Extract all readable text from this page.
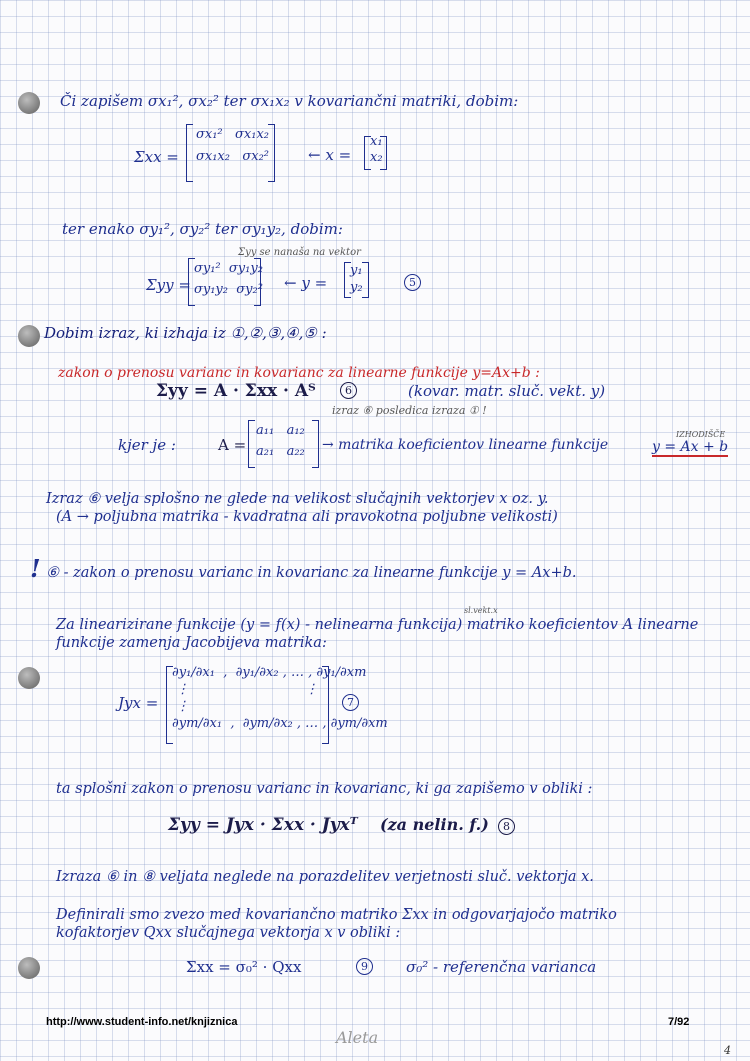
Či zapišem σx₁², σx₂² ter σx₁x₂ v kovariančni matriki, dobim:
Σxx =
σx₁² σx₁x₂
σx₁x₂ σx₂²	← x =
x₁
x₂
ter enako σy₁², σy₂² ter σy₁y₂, dobim:
Σyy se nanaša na vektor
Σyy =
σy₁² σy₁y₂
σy₁y₂ σy₂² ← y =
y₁
y₂	5
Dobim izraz, ki izhaja iz ①,②,③,④,⑤ :
zakon o prenosu varianc in kovarianc za linearne funkcije y=Ax+b :
Σyy = A · Σxx · Aᵀ	6	(kovar. matr. sluč. vekt. y)
izraz ⑥ posledica izraza ① !
kjer je :	A =
a₁₁ a₁₂
a₂₁ a₂₂ → matrika koeficientov linearne funkcije
IZHODIŠČE
y = Ax + b
Izraz ⑥ velja splošno ne glede na velikost slučajnih vektorjev x oz. y.
(A → poljubna matrika - kvadratna ali pravokotna poljubne velikosti)
! ⑥ - zakon o prenosu varianc in kovarianc za linearne funkcije y = Ax+b.
sl.vekt.x
Za linearizirane funkcije (y = f(x) - nelinearna funkcija) matriko koeficientov A linearne
funkcije zamenja Jacobijeva matrika:
Jyx =
∂y₁/∂x₁  ,  ∂y₁/∂x₂ , … , ∂y₁/∂xm
⋮	⋮
⋮
∂ym/∂x₁  ,  ∂ym/∂x₂ , … , ∂ym/∂xm
7
ta splošni zakon o prenosu varianc in kovarianc, ki ga zapišemo v obliki :
Σyy = Jyx · Σxx · Jyxᵀ (za nelin. f.)	8
Izraza ⑥ in ⑧ veljata neglede na porazdelitev verjetnosti sluč. vektorja x.
Definirali smo zvezo med kovariančno matriko Σxx in odgovarjajočo matriko
kofaktorjev Qxx slučajnega vektorja x v obliki :
Σxx = σ₀² · Qxx	9	σ₀² - referenčna varianca
http://www.student-info.net/knjiznica	7/92
Aleta
4
